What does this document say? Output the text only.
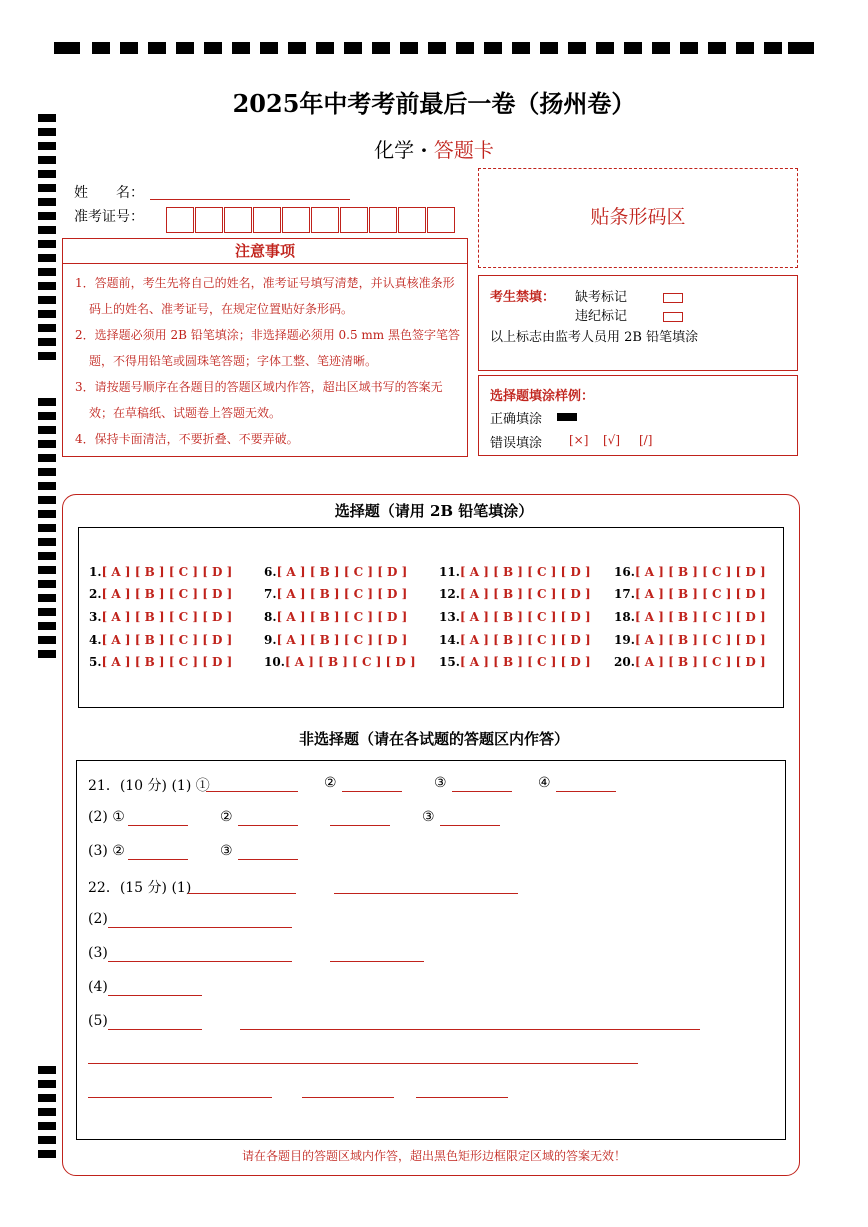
2025年中考考前最后一卷（扬州卷）
化学 · 答题卡
姓　　名：
准考证号：
注意事项

1．答题前，考生先将自己的姓名，准考证号填写清楚，并认真核准条形码上的姓名、准考证号，在规定位置贴好条形码。

2．选择题必须用 2B 铅笔填涂；非选择题必须用 0.5 mm 黑色签字笔答题，不得用铅笔或圆珠笔答题；字体工整、笔迹清晰。

3．请按题号顺序在各题目的答题区域内作答，超出区域书写的答案无效；在草稿纸、试题卷上答题无效。

4．保持卡面清洁，不要折叠、不要弄破。

贴条形码区
考生禁填： 缺考标记
违纪标记
以上标志由监考人员用 2B 铅笔填涂
选择题填涂样例：
正确填涂
错误填涂 [×] [√] [/]
选择题（请用 2B 铅笔填涂）
1.[ A ] [ B ] [ C ] [ D ]
2.[ A ] [ B ] [ C ] [ D ]
3.[ A ] [ B ] [ C ] [ D ]
4.[ A ] [ B ] [ C ] [ D ]
5.[ A ] [ B ] [ C ] [ D ]
6.[ A ] [ B ] [ C ] [ D ]
7.[ A ] [ B ] [ C ] [ D ]
8.[ A ] [ B ] [ C ] [ D ]
9.[ A ] [ B ] [ C ] [ D ]
10.[ A ] [ B ] [ C ] [ D ]
11.[ A ] [ B ] [ C ] [ D ]
12.[ A ] [ B ] [ C ] [ D ]
13.[ A ] [ B ] [ C ] [ D ]
14.[ A ] [ B ] [ C ] [ D ]
15.[ A ] [ B ] [ C ] [ D ]
16.[ A ] [ B ] [ C ] [ D ]
17.[ A ] [ B ] [ C ] [ D ]
18.[ A ] [ B ] [ C ] [ D ]
19.[ A ] [ B ] [ C ] [ D ]
20.[ A ] [ B ] [ C ] [ D ]
非选择题（请在各试题的答题区内作答）
21．(10 分) (1) ①	②	③	④
(2) ①	②	③
(3) ②	③
22．(15 分) (1)
(2)
(3)
(4)
(5)
请在各题目的答题区域内作答，超出黑色矩形边框限定区域的答案无效！
